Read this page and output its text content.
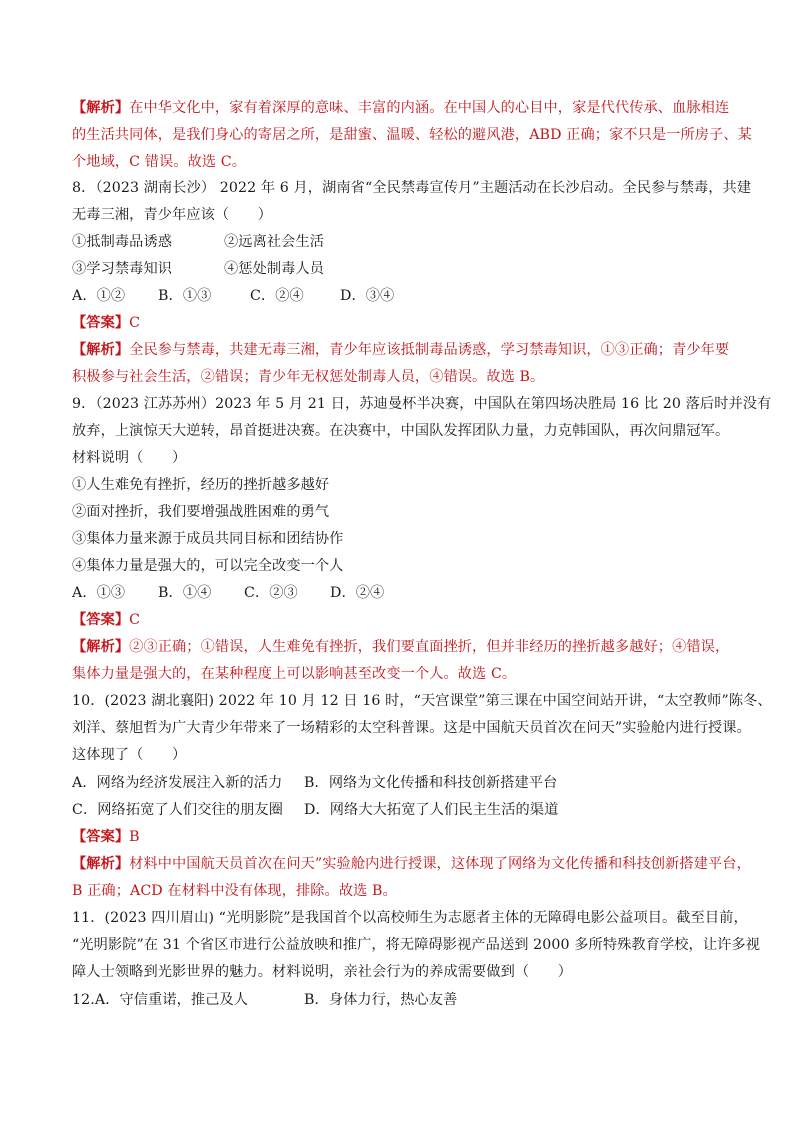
【解析】在中华文化中，家有着深厚的意味、丰富的内涵。在中国人的心目中，家是代代传承、血脉相连
的生活共同体，是我们身心的寄居之所，是甜蜜、温暖、轻松的避风港，ABD 正确；家不只是一所房子、某
个地域，C 错误。故选 C。
8．（2023 湖南长沙） 2022 年 6 月，湖南省“全民禁毒宣传月”主题活动在长沙启动。全民参与禁毒，共建
无毒三湘，青少年应该（　　）
①抵制毒品诱惑	②远离社会生活
③学习禁毒知识	④惩处制毒人员
A．①② B．①③	C．②④	D．③④
【答案】C
【解析】全民参与禁毒，共建无毒三湘，青少年应该抵制毒品诱惑，学习禁毒知识，①③正确；青少年要
积极参与社会生活，②错误；青少年无权惩处制毒人员，④错误。故选 B。
9．（2023 江苏苏州）2023 年 5 月 21 日，苏迪曼杯半决赛，中国队在第四场决胜局 16 比 20 落后时并没有
放弃，上演惊天大逆转，昂首挺进决赛。在决赛中，中国队发挥团队力量，力克韩国队，再次问鼎冠军。
材料说明（　　）
①人生难免有挫折，经历的挫折越多越好
②面对挫折，我们要增强战胜困难的勇气
③集体力量来源于成员共同目标和团结协作
④集体力量是强大的，可以完全改变一个人
A．①③ B．①④ C．②③ D．②④
【答案】C
【解析】②③正确；①错误，人生难免有挫折，我们要直面挫折，但并非经历的挫折越多越好；④错误，
集体力量是强大的，在某种程度上可以影响甚至改变一个人。故选 C。
10．(2023 湖北襄阳) 2022 年 10 月 12 日 16 时，“天宫课堂”第三课在中国空间站开讲，“太空教师”陈冬、
刘洋、蔡旭哲为广大青少年带来了一场精彩的太空科普课。这是中国航天员首次在问天”实验舱内进行授课。
这体现了（　　）
A．网络为经济发展注入新的活力 B．网络为文化传播和科技创新搭建平台
C．网络拓宽了人们交往的朋友圈 D．网络大大拓宽了人们民主生活的渠道
【答案】B
【解析】材料中中国航天员首次在问天”实验舱内进行授课，这体现了网络为文化传播和科技创新搭建平台，
B 正确；ACD 在材料中没有体现，排除。故选 B。
11．(2023 四川眉山) “光明影院”是我国首个以高校师生为志愿者主体的无障碍电影公益项目。截至目前，
“光明影院”在 31 个省区市进行公益放映和推广，将无障碍影视产品送到 2000 多所特殊教育学校，让许多视
障人士领略到光影世界的魅力。材料说明，亲社会行为的养成需要做到（　　）
12.A．守信重诺，推己及人	B．身体力行，热心友善
